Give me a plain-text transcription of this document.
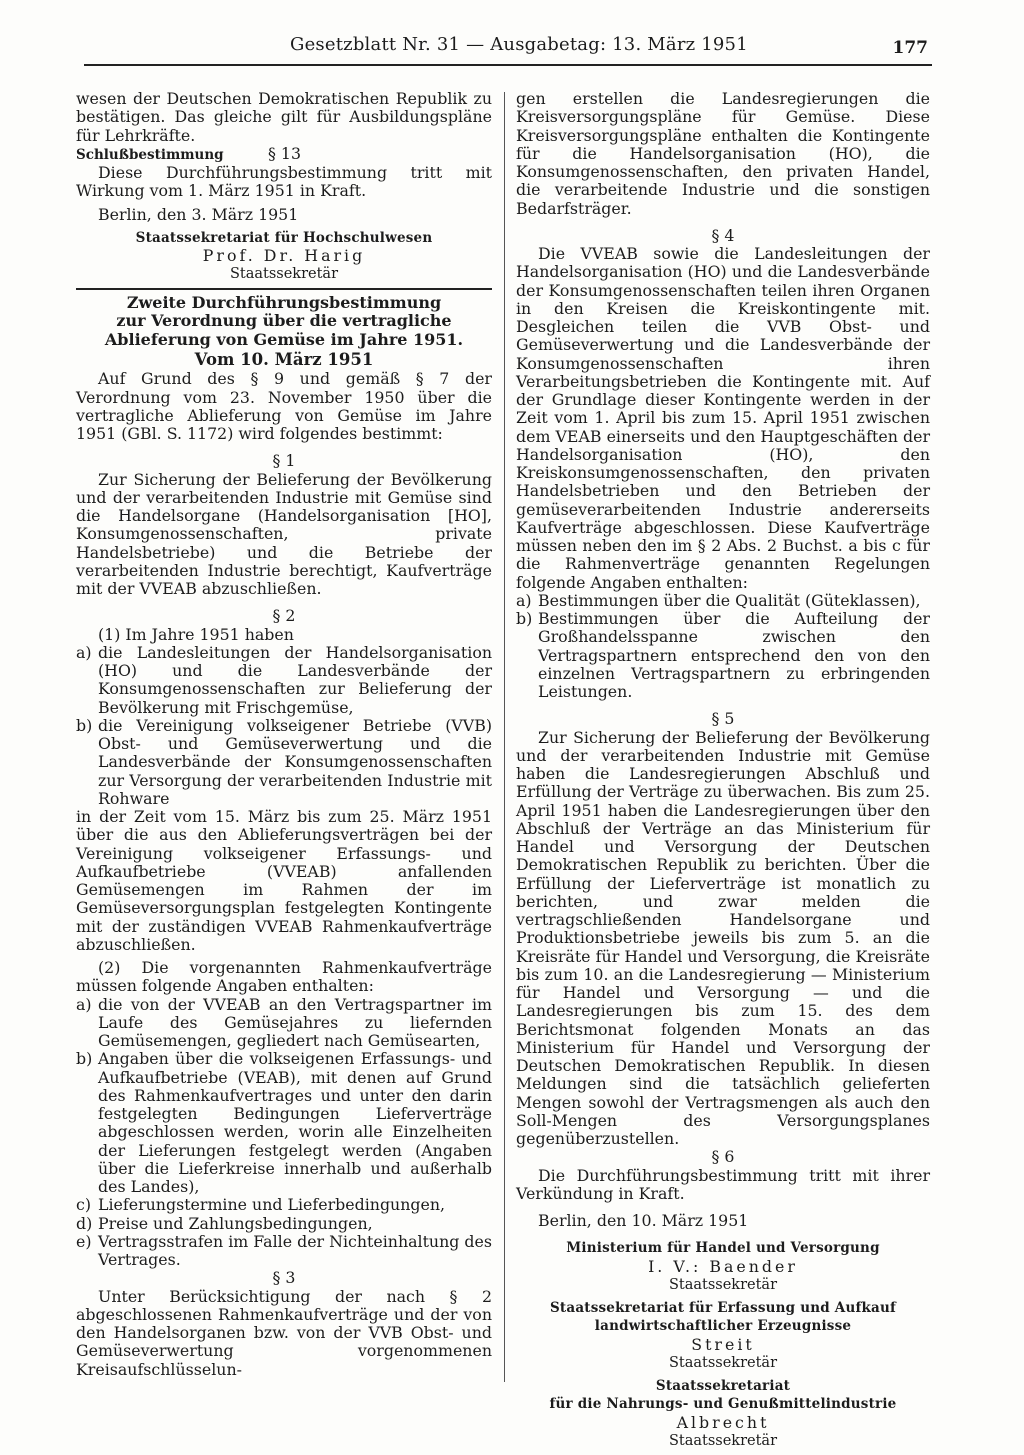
Gesetzblatt Nr. 31 — Ausgabetag: 13. März 1951	177

wesen der Deutschen Demokratischen Republik zu bestätigen. Das gleiche gilt für Ausbildungspläne für Lehrkräfte.

Schlußbestimmung	§ 13

Diese Durchführungsbestimmung tritt mit Wirkung vom 1. März 1951 in Kraft.

Berlin, den 3. März 1951

Staatssekretariat für Hochschulwesen
Prof. Dr. Harig
Staatssekretär
Zweite Durchführungsbestimmung
zur Verordnung über die vertragliche
Ablieferung von Gemüse im Jahre 1951.
Vom 10. März 1951

Auf Grund des § 9 und gemäß § 7 der Verordnung vom 23. November 1950 über die vertragliche Ablieferung von Gemüse im Jahre 1951 (GBl. S. 1172) wird folgendes bestimmt:

§ 1

Zur Sicherung der Belieferung der Bevölkerung und der verarbeitenden Industrie mit Gemüse sind die Handelsorgane (Handelsorganisation [HO], Konsumgenossenschaften, private Handelsbetriebe) und die Betriebe der verarbeitenden Industrie berechtigt, Kaufverträge mit der VVEAB abzuschließen.

§ 2

(1) Im Jahre 1951 haben

a) die Landesleitungen der Handelsorganisation (HO) und die Landesverbände der Konsumgenossenschaften zur Belieferung der Bevölkerung mit Frischgemüse,
b) die Vereinigung volkseigener Betriebe (VVB) Obst- und Gemüseverwertung und die Landesverbände der Konsumgenossenschaften zur Versorgung der verarbeitenden Industrie mit Rohware

in der Zeit vom 15. März bis zum 25. März 1951 über die aus den Ablieferungsverträgen bei der Vereinigung volkseigener Erfassungs- und Aufkaufbetriebe (VVEAB) anfallenden Gemüsemengen im Rahmen der im Gemüseversorgungsplan festgelegten Kontingente mit der zuständigen VVEAB Rahmenkaufverträge abzuschließen.

(2) Die vorgenannten Rahmenkaufverträge müssen folgende Angaben enthalten:

a) die von der VVEAB an den Vertragspartner im Laufe des Gemüsejahres zu liefernden Gemüsemengen, gegliedert nach Gemüsearten,
b) Angaben über die volkseigenen Erfassungs- und Aufkaufbetriebe (VEAB), mit denen auf Grund des Rahmenkaufvertrages und unter den darin festgelegten Bedingungen Lieferverträge abgeschlossen werden, worin alle Einzelheiten der Lieferungen festgelegt werden (Angaben über die Lieferkreise innerhalb und außerhalb des Landes),
c) Lieferungstermine und Lieferbedingungen,
d) Preise und Zahlungsbedingungen,
e) Vertragsstrafen im Falle der Nichteinhaltung des Vertrages.
§ 3

Unter Berücksichtigung der nach § 2 abgeschlossenen Rahmenkaufverträge und der von den Handelsorganen bzw. von der VVB Obst- und Gemüseverwertung vorgenommenen Kreisaufschlüsselun-

gen erstellen die Landesregierungen die Kreisversorgungspläne für Gemüse. Diese Kreisversorgungspläne enthalten die Kontingente für die Handelsorganisation (HO), die Konsumgenossenschaften, den privaten Handel, die verarbeitende Industrie und die sonstigen Bedarfsträger.

§ 4

Die VVEAB sowie die Landesleitungen der Handelsorganisation (HO) und die Landesverbände der Konsumgenossenschaften teilen ihren Organen in den Kreisen die Kreiskontingente mit. Desgleichen teilen die VVB Obst- und Gemüseverwertung und die Landesverbände der Konsumgenossenschaften ihren Verarbeitungsbetrieben die Kontingente mit. Auf der Grundlage dieser Kontingente werden in der Zeit vom 1. April bis zum 15. April 1951 zwischen dem VEAB einerseits und den Hauptgeschäften der Handelsorganisation (HO), den Kreiskonsumgenossenschaften, den privaten Handelsbetrieben und den Betrieben der gemüseverarbeitenden Industrie andererseits Kaufverträge abgeschlossen. Diese Kaufverträge müssen neben den im § 2 Abs. 2 Buchst. a bis c für die Rahmenverträge genannten Regelungen folgende Angaben enthalten:

a) Bestimmungen über die Qualität (Güteklassen),
b) Bestimmungen über die Aufteilung der Großhandelsspanne zwischen den Vertragspartnern entsprechend den von den einzelnen Vertragspartnern zu erbringenden Leistungen.
§ 5

Zur Sicherung der Belieferung der Bevölkerung und der verarbeitenden Industrie mit Gemüse haben die Landesregierungen Abschluß und Erfüllung der Verträge zu überwachen. Bis zum 25. April 1951 haben die Landesregierungen über den Abschluß der Verträge an das Ministerium für Handel und Versorgung der Deutschen Demokratischen Republik zu berichten. Über die Erfüllung der Lieferverträge ist monatlich zu berichten, und zwar melden die vertragschließenden Handelsorgane und Produktionsbetriebe jeweils bis zum 5. an die Kreisräte für Handel und Versorgung, die Kreisräte bis zum 10. an die Landesregierung — Ministerium für Handel und Versorgung — und die Landesregierungen bis zum 15. des dem Berichtsmonat folgenden Monats an das Ministerium für Handel und Versorgung der Deutschen Demokratischen Republik. In diesen Meldungen sind die tatsächlich gelieferten Mengen sowohl der Vertragsmengen als auch den Soll-Mengen des Versorgungsplanes gegenüberzustellen.

§ 6

Die Durchführungsbestimmung tritt mit ihrer Verkündung in Kraft.

Berlin, den 10. März 1951

Ministerium für Handel und Versorgung
I. V.: Baender
Staatssekretär
Staatssekretariat für Erfassung und Aufkauf
landwirtschaftlicher Erzeugnisse
Streit
Staatssekretär
Staatssekretariat
für die Nahrungs- und Genußmittelindustrie
Albrecht
Staatssekretär
